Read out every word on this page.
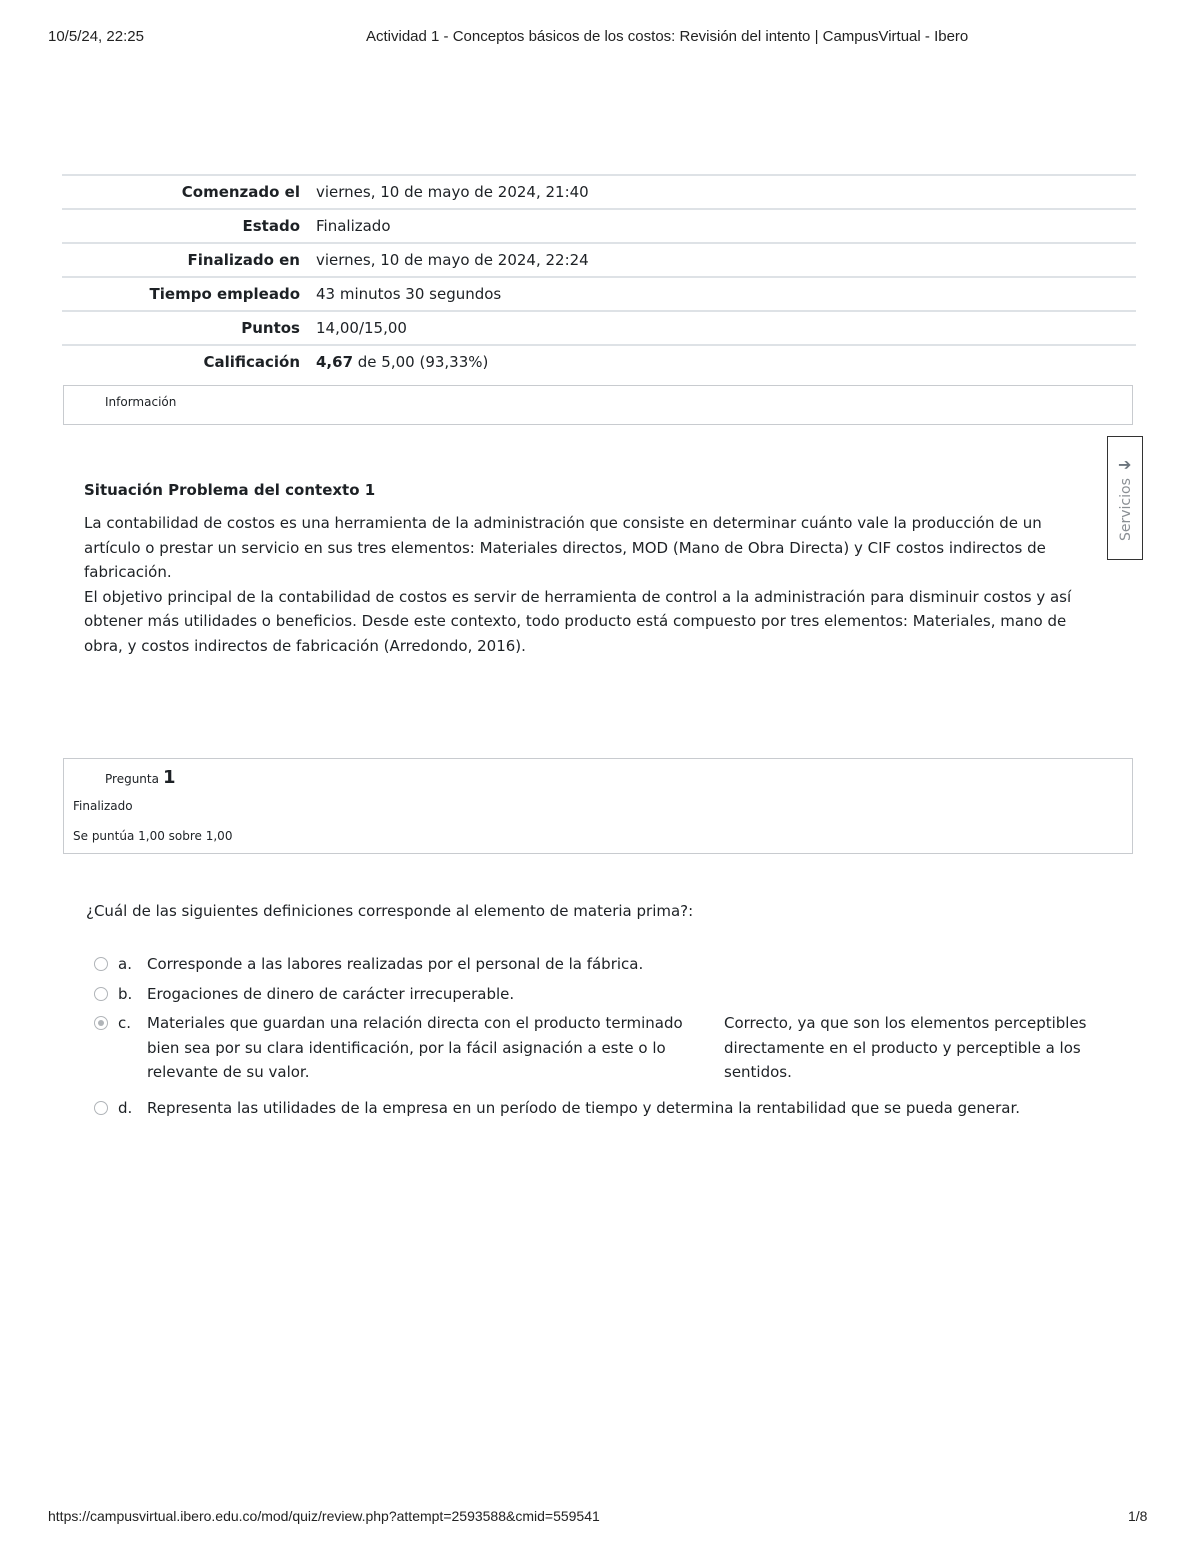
10/5/24, 22:25	Actividad 1 - Conceptos básicos de los costos: Revisión del intento | CampusVirtual - Ibero
Comenzado el	viernes, 10 de mayo de 2024, 21:40
Estado	Finalizado
Finalizado en	viernes, 10 de mayo de 2024, 22:24
Tiempo empleado	43 minutos 30 segundos
Puntos	14,00/15,00
Calificación	4,67 de 5,00 (93,33%)
Información
➔
Servicios
Situación Problema del contexto 1

La contabilidad de costos es una herramienta de la administración que consiste en determinar cuánto vale la producción de un artículo o prestar un servicio en sus tres elementos: Materiales directos, MOD (Mano de Obra Directa) y CIF costos indirectos de fabricación.

El objetivo principal de la contabilidad de costos es servir de herramienta de control a la administración para disminuir costos y así obtener más utilidades o beneficios. Desde este contexto, todo producto está compuesto por tres elementos: Materiales, mano de obra, y costos indirectos de fabricación (Arredondo, 2016).

Pregunta 1
Finalizado
Se puntúa 1,00 sobre 1,00
¿Cuál de las siguientes definiciones corresponde al elemento de materia prima?:
a. Corresponde a las labores realizadas por el personal de la fábrica.
b. Erogaciones de dinero de carácter irrecuperable.
c. Materiales que guardan una relación directa con el producto terminado bien sea por su clara identificación, por la fácil asignación a este o lo relevante de su valor.
Correcto, ya que son los elementos perceptibles directamente en el producto y perceptible a los sentidos.
d. Representa las utilidades de la empresa en un período de tiempo y determina la rentabilidad que se pueda generar.
https://campusvirtual.ibero.edu.co/mod/quiz/review.php?attempt=2593588&cmid=559541	1/8
